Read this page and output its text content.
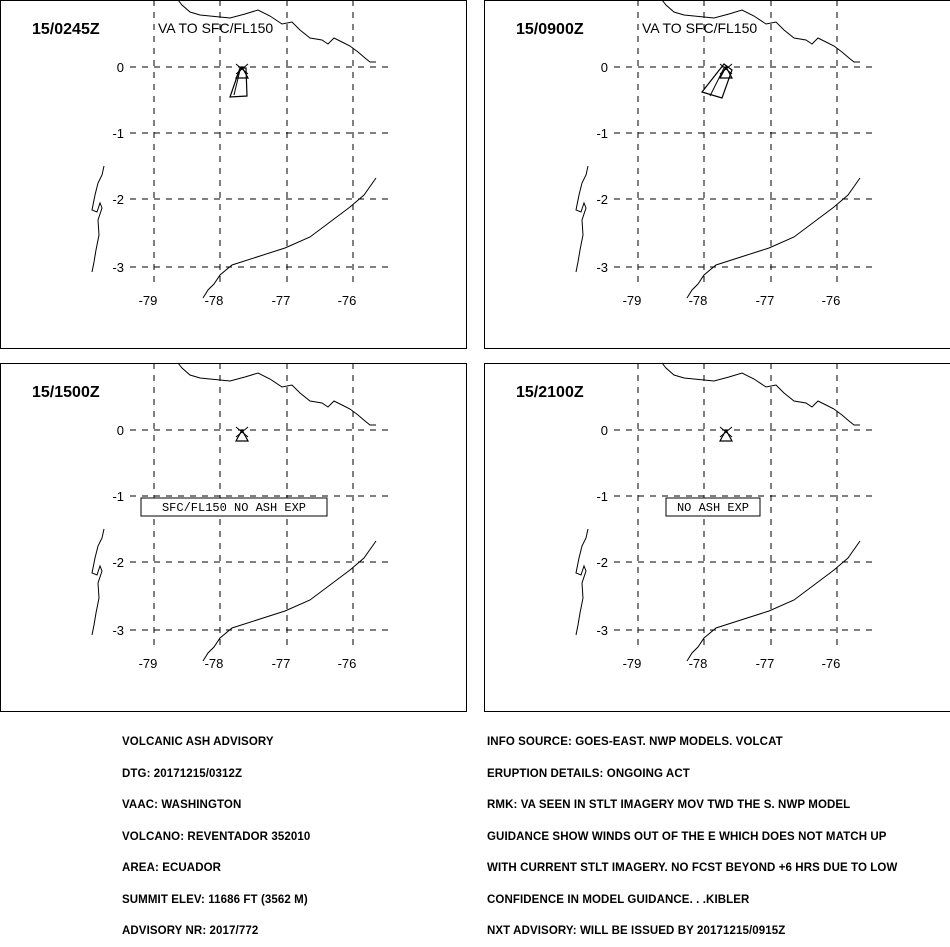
0
-1
-2
-3
-79	-78	-77	-76
15/0245Z	VA TO SFC/FL150
0
-1
-2
-3
-79	-78	-77	-76
15/0900Z	VA TO SFC/FL150
0
-1
-2
-3
-79	-78	-77	-76
15/1500Z
SFC/FL150 NO ASH EXP
0
-1
-2
-3
-79	-78	-77	-76
15/2100Z
NO ASH EXP

VOLCANIC ASH ADVISORY

DTG: 20171215/0312Z

VAAC: WASHINGTON

VOLCANO: REVENTADOR 352010

AREA: ECUADOR

SUMMIT ELEV: 11686 FT (3562 M)

ADVISORY NR: 2017/772

INFO SOURCE: GOES-EAST. NWP MODELS. VOLCAT

ERUPTION DETAILS: ONGOING ACT

RMK: VA SEEN IN STLT IMAGERY MOV TWD THE S. NWP MODEL

GUIDANCE SHOW WINDS OUT OF THE E WHICH DOES NOT MATCH UP

WITH CURRENT STLT IMAGERY. NO FCST BEYOND +6 HRS DUE TO LOW

CONFIDENCE IN MODEL GUIDANCE. . .KIBLER

NXT ADVISORY: WILL BE ISSUED BY 20171215/0915Z
